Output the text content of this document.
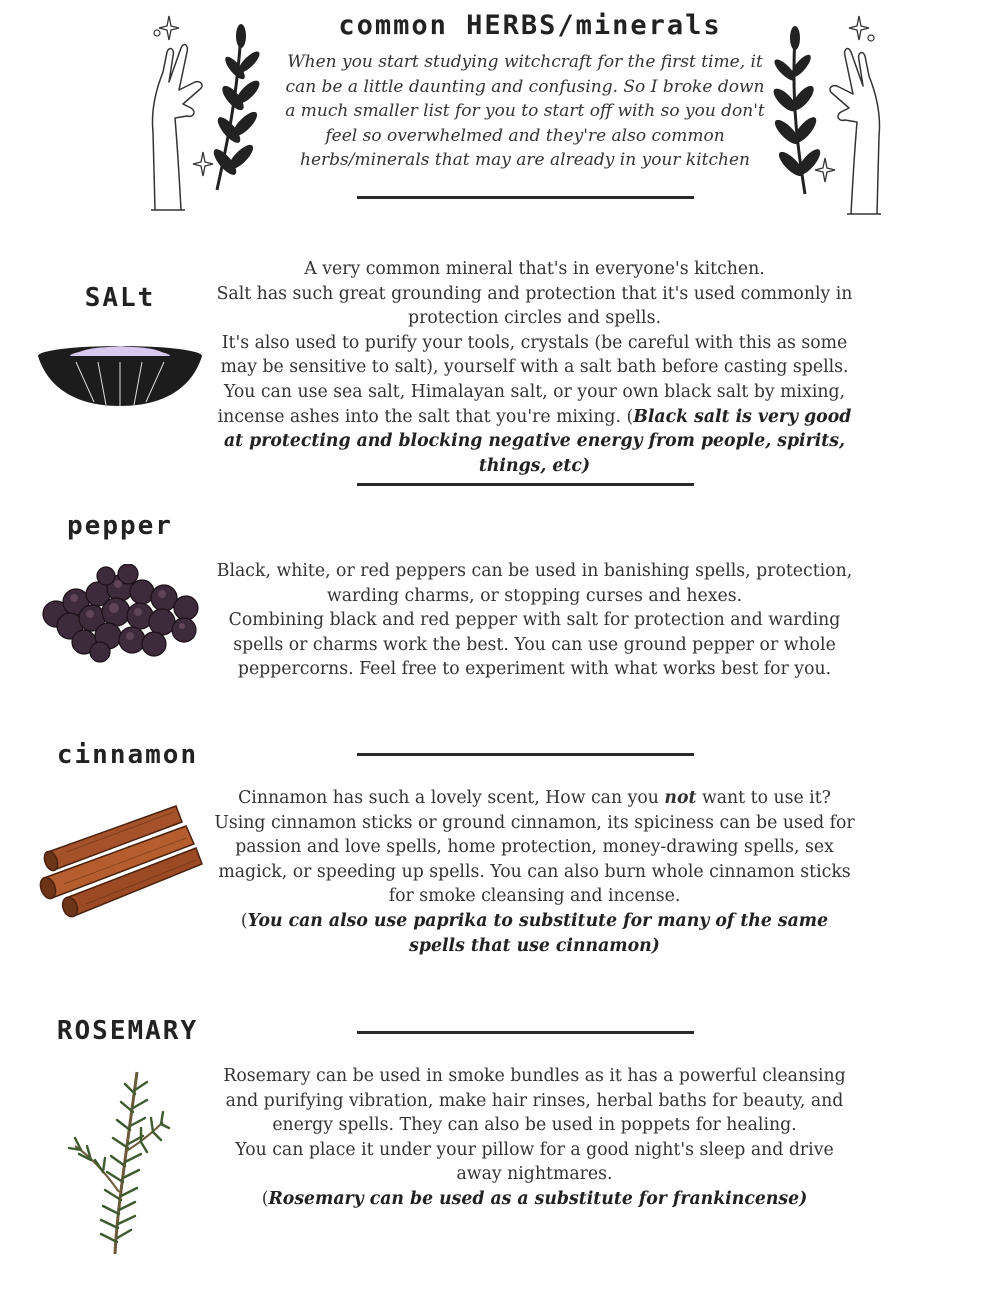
common HERBS/minerals
When you start studying witchcraft for the first time, it can be a little daunting and confusing. So I broke down a much smaller list for you to start off with so you don't feel so overwhelmed and they're also common herbs/minerals that may are already in your kitchen
SALt
A very common mineral that's in everyone's kitchen.
Salt has such great grounding and protection that it's used commonly in protection circles and spells.
It's also used to purify your tools, crystals (be careful with this as some may be sensitive to salt), yourself with a salt bath before casting spells.
You can use sea salt, Himalayan salt, or your own black salt by mixing, incense ashes into the salt that you're mixing. (Black salt is very good at protecting and blocking negative energy from people, spirits, things, etc)
pepper
Black, white, or red peppers can be used in banishing spells, protection, warding charms, or stopping curses and hexes.
Combining black and red pepper with salt for protection and warding spells or charms work the best. You can use ground pepper or whole peppercorns. Feel free to experiment with what works best for you.
cinnamon
Cinnamon has such a lovely scent, How can you not want to use it?
Using cinnamon sticks or ground cinnamon, its spiciness can be used for passion and love spells, home protection, money-drawing spells, sex magick, or speeding up spells. You can also burn whole cinnamon sticks for smoke cleansing and incense.
(You can also use paprika to substitute for many of the same spells that use cinnamon)
ROSEMARY
Rosemary can be used in smoke bundles as it has a powerful cleansing and purifying vibration, make hair rinses, herbal baths for beauty, and energy spells. They can also be used in poppets for healing.
You can place it under your pillow for a good night's sleep and drive away nightmares.
(Rosemary can be used as a substitute for frankincense)
